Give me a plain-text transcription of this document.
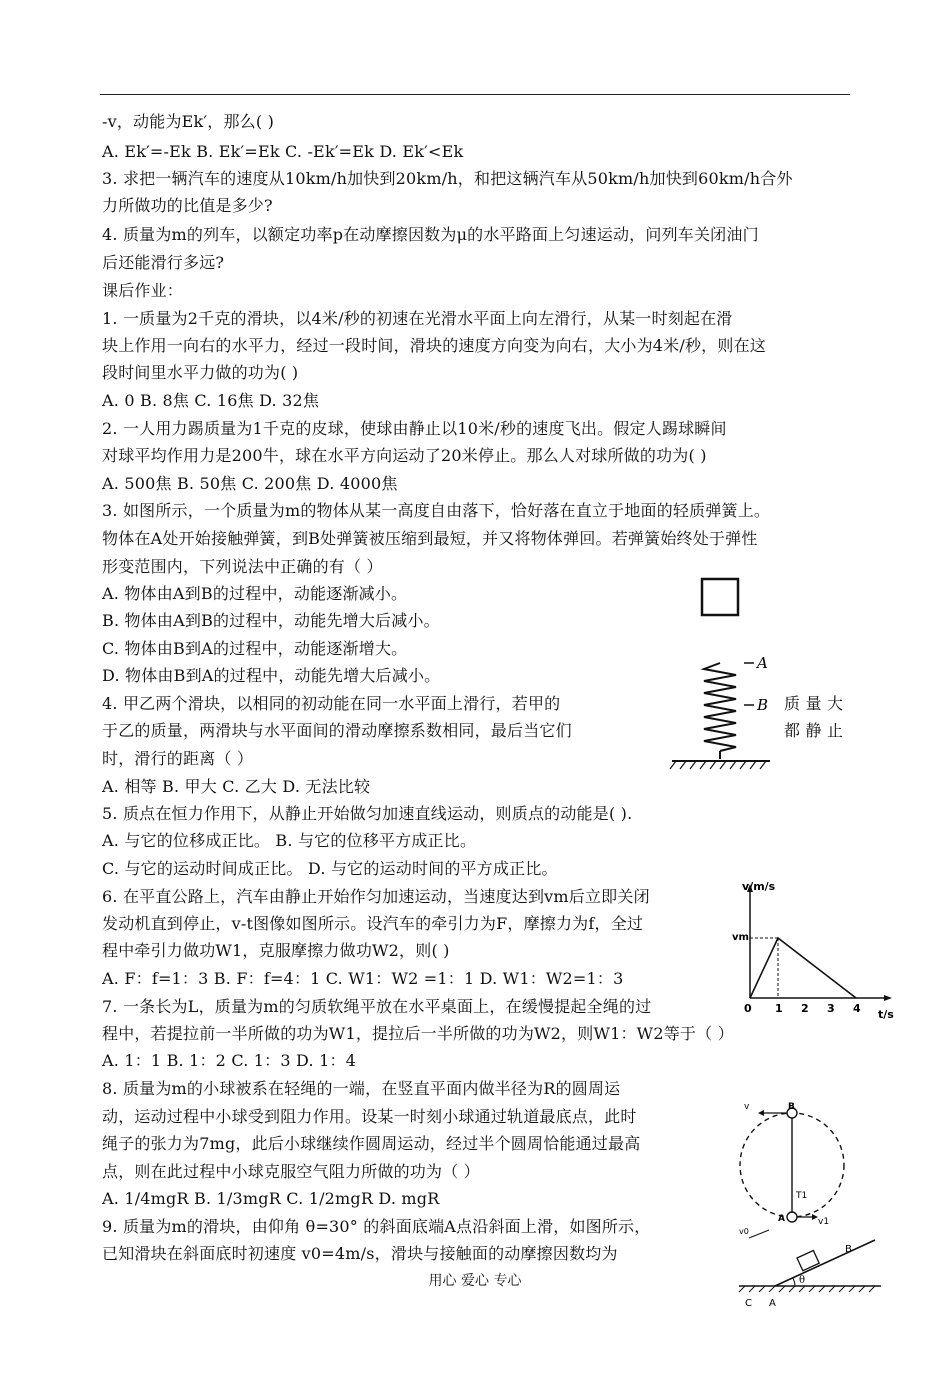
-v，动能为Ek′，那么( )
A. Ek′=-Ek B. Ek′=Ek C. -Ek′=Ek D. Ek′<Ek
3. 求把一辆汽车的速度从10km/h加快到20km/h，和把这辆汽车从50km/h加快到60km/h合外
力所做功的比值是多少?
4. 质量为m的列车，以额定功率p在动摩擦因数为μ的水平路面上匀速运动，问列车关闭油门
后还能滑行多远?
课后作业：
1. 一质量为2千克的滑块，以4米/秒的初速在光滑水平面上向左滑行，从某一时刻起在滑
块上作用一向右的水平力，经过一段时间，滑块的速度方向变为向右，大小为4米/秒，则在这
段时间里水平力做的功为( )
A. 0 B. 8焦 C. 16焦 D. 32焦
2. 一人用力踢质量为1千克的皮球，使球由静止以10米/秒的速度飞出。假定人踢球瞬间
对球平均作用力是200牛，球在水平方向运动了20米停止。那么人对球所做的功为( )
A. 500焦 B. 50焦 C. 200焦 D. 4000焦
3. 如图所示，一个质量为m的物体从某一高度自由落下，恰好落在直立于地面的轻质弹簧上。
物体在A处开始接触弹簧，到B处弹簧被压缩到最短，并又将物体弹回。若弹簧始终处于弹性
形变范围内，下列说法中正确的有（ ）
A. 物体由A到B的过程中，动能逐渐减小。
B. 物体由A到B的过程中，动能先增大后减小。
C. 物体由B到A的过程中，动能逐渐增大。
D. 物体由B到A的过程中，动能先增大后减小。
4. 甲乙两个滑块，以相同的初动能在同一水平面上滑行，若甲的
于乙的质量，两滑块与水平面间的滑动摩擦系数相同，最后当它们
时，滑行的距离（ ）
A. 相等 B. 甲大 C. 乙大 D. 无法比较
5. 质点在恒力作用下，从静止开始做匀加速直线运动，则质点的动能是( ).
A. 与它的位移成正比。 B. 与它的位移平方成正比。
C. 与它的运动时间成正比。 D. 与它的运动时间的平方成正比。
6. 在平直公路上，汽车由静止开始作匀加速运动，当速度达到vm后立即关闭
发动机直到停止，v-t图像如图所示。设汽车的牵引力为F，摩擦力为f，全过
程中牵引力做功W1，克服摩擦力做功W2，则( )
A. F：f=1：3 B. F：f=4：1 C. W1：W2 =1：1 D. W1：W2=1：3
7. 一条长为L，质量为m的匀质软绳平放在水平桌面上，在缓慢提起全绳的过
程中，若提拉前一半所做的功为W1，提拉后一半所做的功为W2，则W1：W2等于（ ）
A. 1：1 B. 1：2 C. 1：3 D. 1：4
8. 质量为m的小球被系在轻绳的一端，在竖直平面内做半径为R的圆周运
动，运动过程中小球受到阻力作用。设某一时刻小球通过轨道最底点，此时
绳子的张力为7mg，此后小球继续作圆周运动，经过半个圆周恰能通过最高
点，则在此过程中小球克服空气阻力所做的功为（ ）
A. 1/4mgR B. 1/3mgR C. 1/2mgR D. mgR
9. 质量为m的滑块，由仰角 θ=30° 的斜面底端A点沿斜面上滑，如图所示，
已知滑块在斜面底时初速度 v0=4m/s，滑块与接触面的动摩擦因数均为
质 量 大
都 静 止
A
B
v/m/s
vm
0 1 2 3 4 t/s
B
v
T1
A	v1
v0
θ
B
C A
用心 爱心 专心
